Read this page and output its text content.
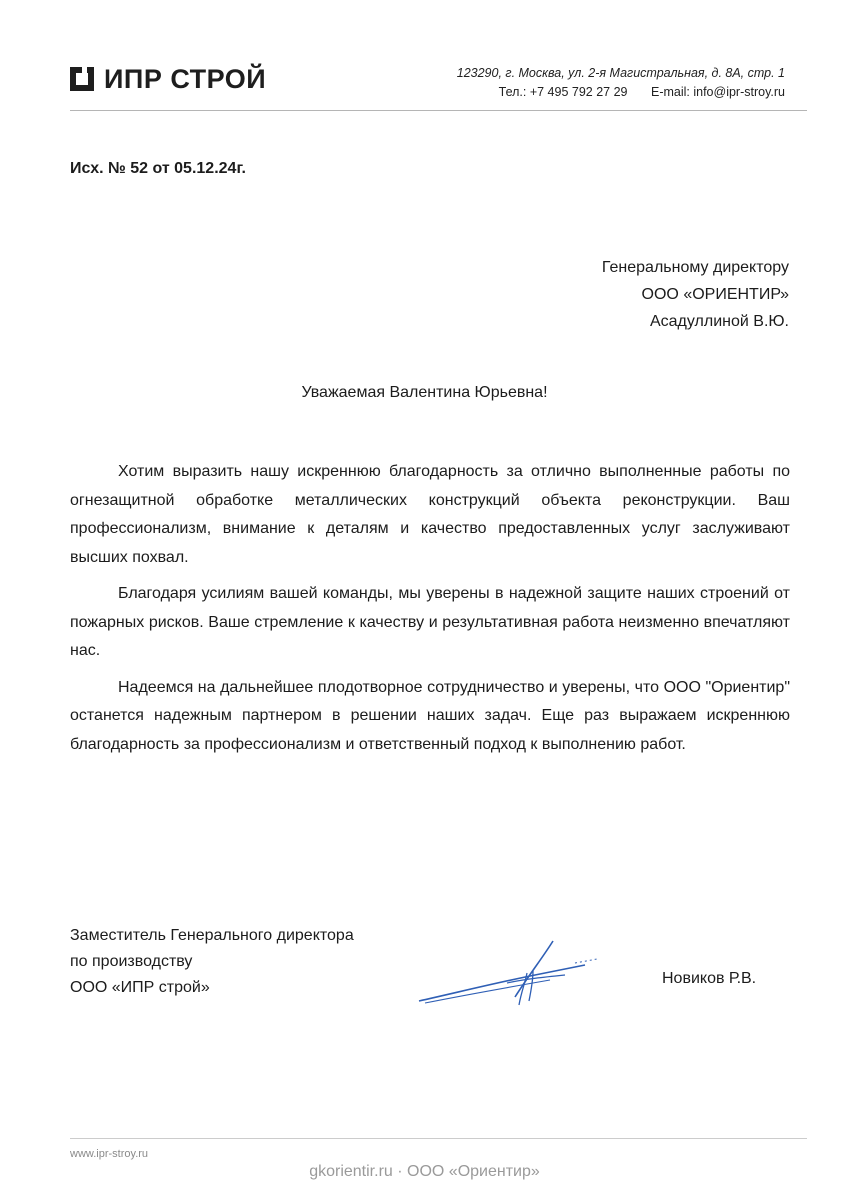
ИПР СТРОЙ	123290, г. Москва, ул. 2-я Магистральная, д. 8А, стр. 1
Тел.: +7 495 792 27 29 E-mail: info@ipr-stroy.ru
Исх. № 52 от 05.12.24г.
Генеральному директору
ООО «ОРИЕНТИР»
Асадуллиной В.Ю.
Уважаемая Валентина Юрьевна!

Хотим выразить нашу искреннюю благодарность за отлично выполненные работы по огнезащитной обработке металлических конструкций объекта реконструкции. Ваш профессионализм, внимание к деталям и качество предоставленных услуг заслуживают высших похвал.

Благодаря усилиям вашей команды, мы уверены в надежной защите наших строений от пожарных рисков. Ваше стремление к качеству и результативная работа неизменно впечатляют нас.

Надеемся на дальнейшее плодотворное сотрудничество и уверены, что ООО "Ориентир" останется надежным партнером в решении наших задач. Еще раз выражаем искреннюю благодарность за профессионализм и ответственный подход к выполнению работ.

Заместитель Генерального директора
по производству
ООО «ИПР строй»
Новиков Р.В.
www.ipr-stroy.ru
gkorientir.ru · ООО «Ориентир»
